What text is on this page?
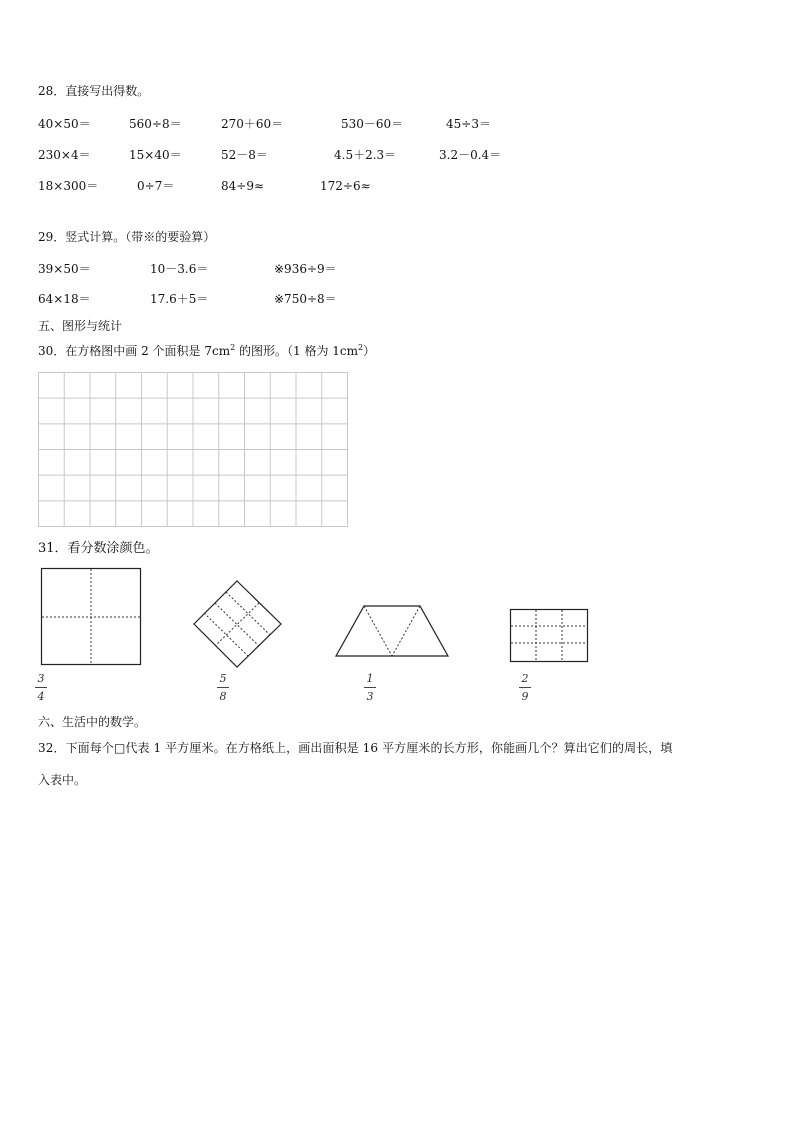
28．直接写出得数。
40×50＝	560÷8＝	270＋60＝	530－60＝	45÷3＝
230×4＝	15×40＝	52－8＝	4.5＋2.3＝	3.2－0.4＝
18×300＝	0÷7＝	84÷9≈	172÷6≈
29．竖式计算。（带※的要验算）
39×50＝	10－3.6＝	※936÷9＝
64×18＝	17.6＋5＝	※750÷8＝
五、图形与统计
30．在方格图中画 2 个面积是 $7cm^2$ 的图形。（1 格为 $1cm^2$）
31．看分数涂颜色。
3
4
5
8
1
3
2
9
六、生活中的数学。
32．下面每个□代表 1 平方厘米。在方格纸上，画出面积是 16 平方厘米的长方形，你能画几个？算出它们的周长，填
入表中。
